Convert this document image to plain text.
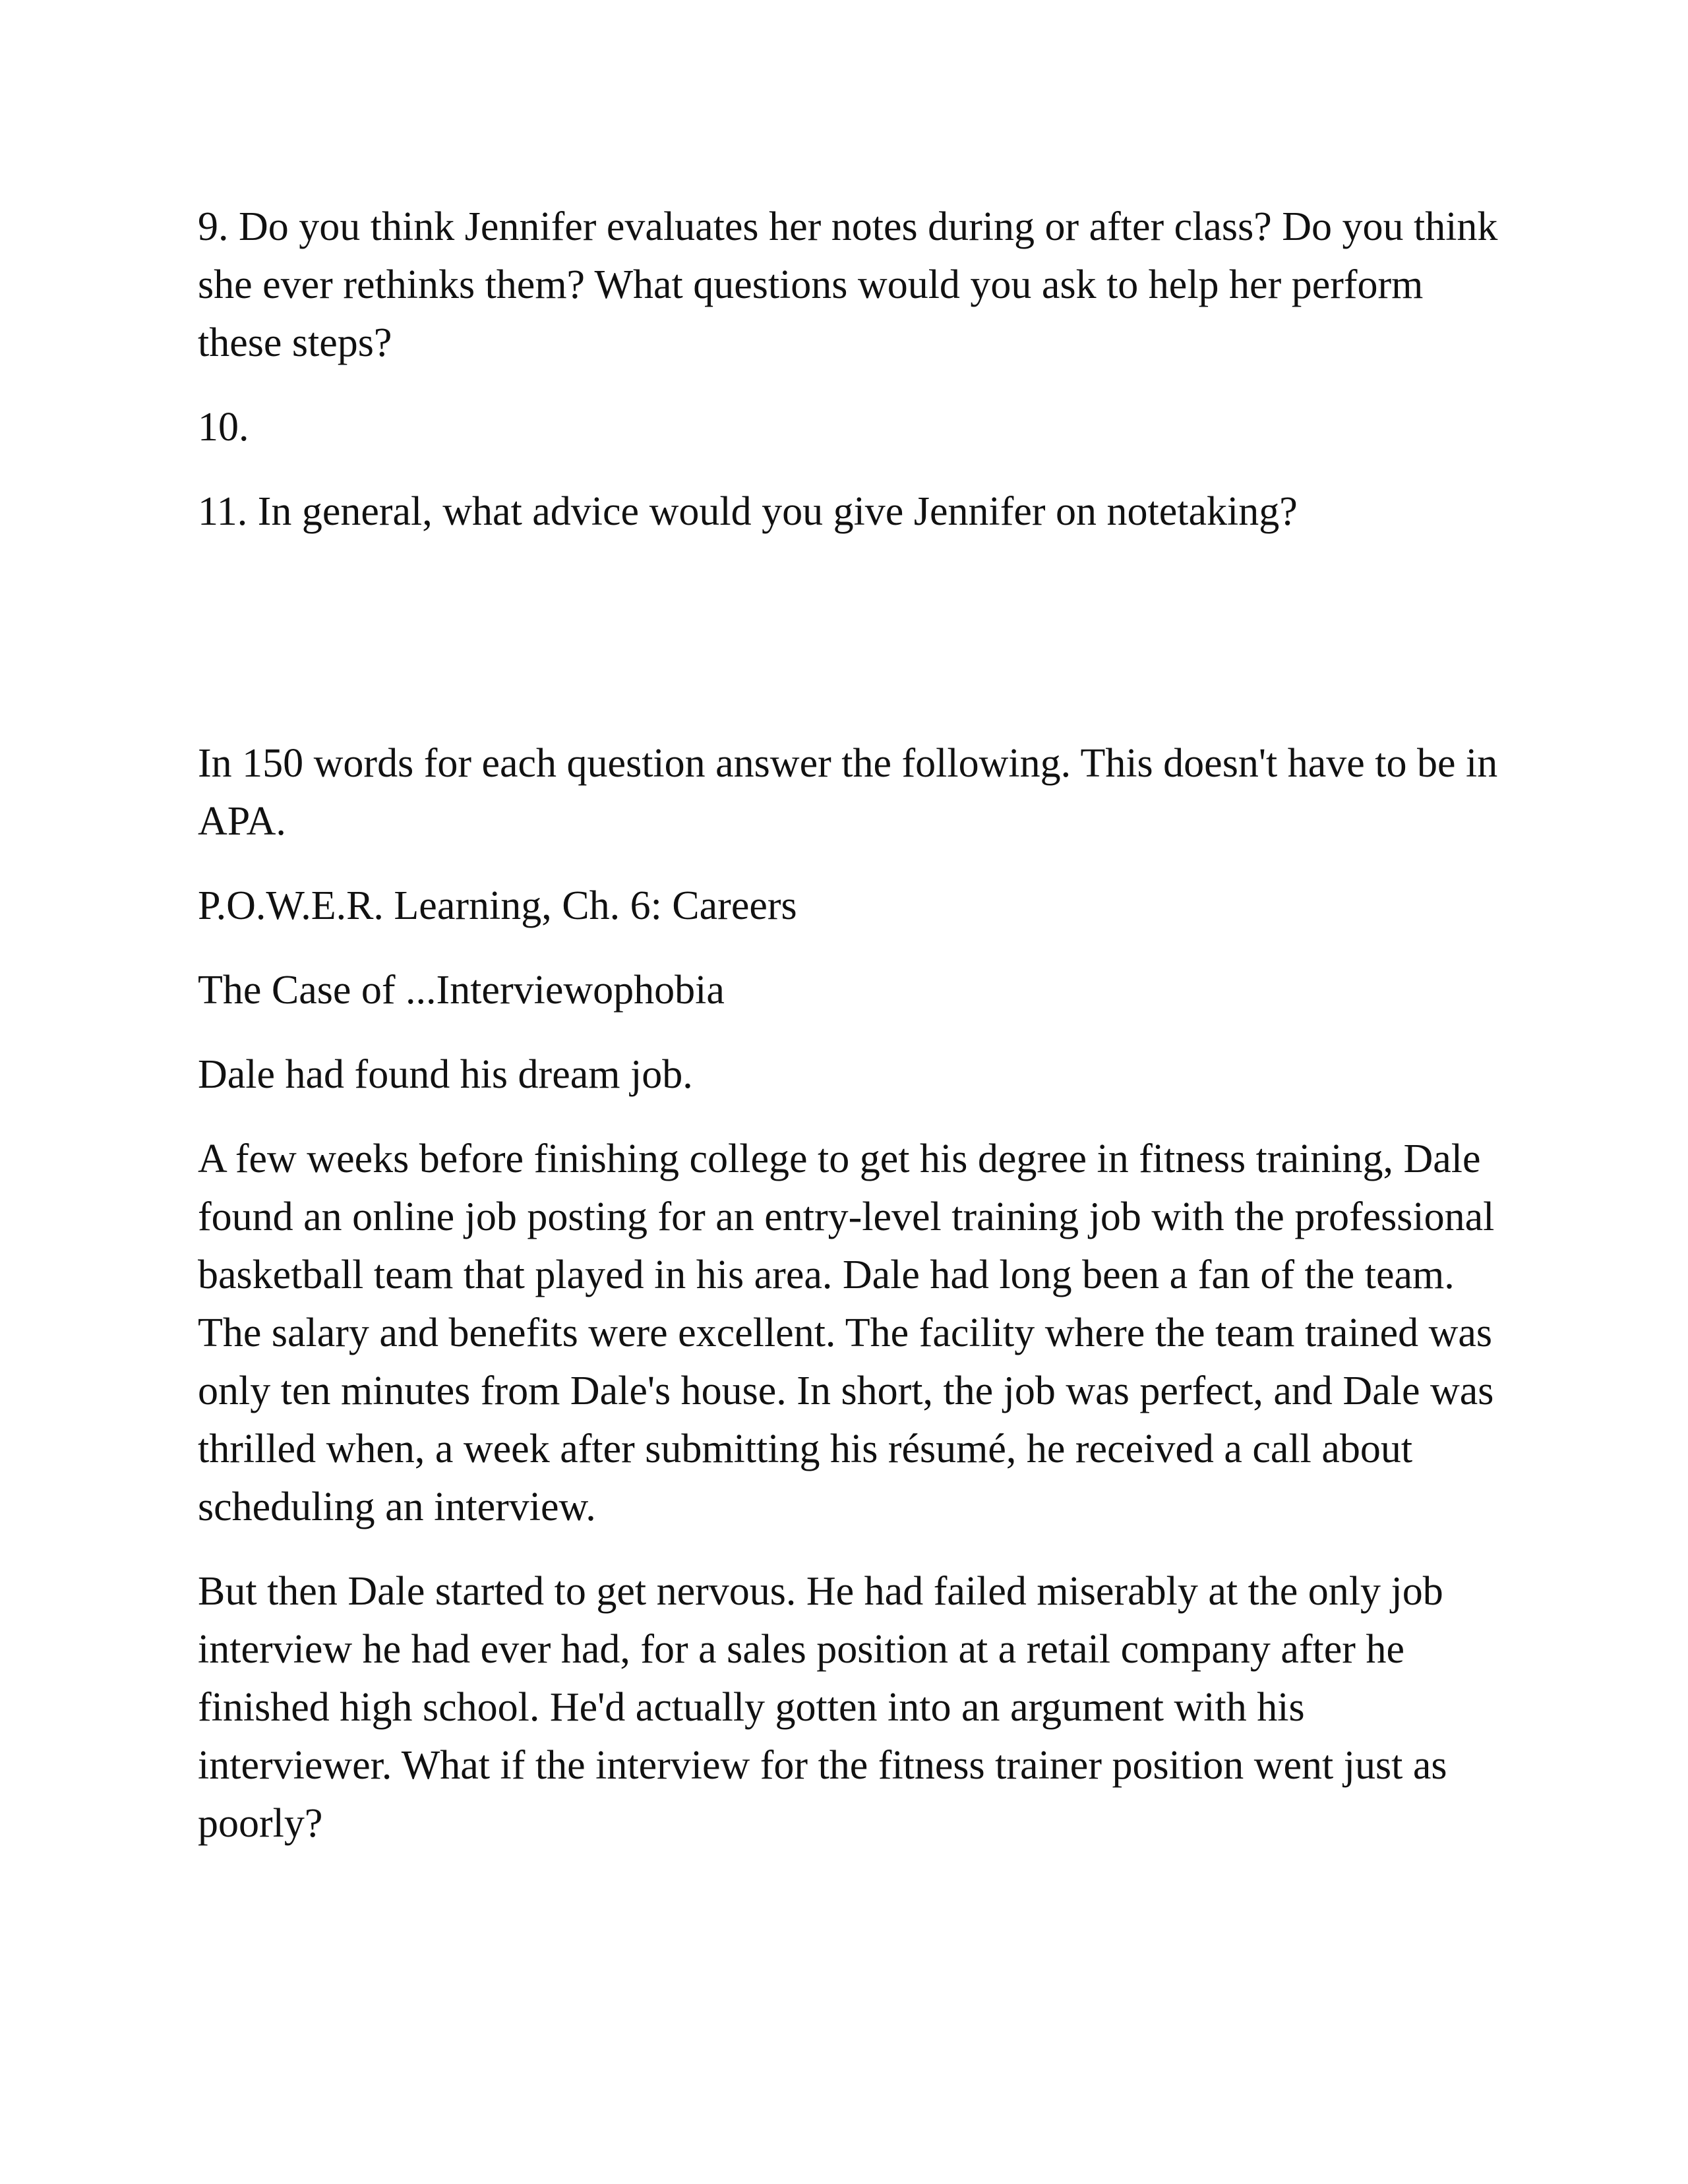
9. Do you think Jennifer evaluates her notes during or after class? Do you think she ever rethinks them? What questions would you ask to help her perform these steps?

10.

11. In general, what advice would you give Jennifer on notetaking?

In 150 words for each question answer the following. This doesn't have to be in APA.

P.O.W.E.R. Learning, Ch. 6: Careers

The Case of ...Interviewophobia

Dale had found his dream job.

A few weeks before finishing college to get his degree in fitness training, Dale found an online job posting for an entry-level training job with the professional basketball team that played in his area. Dale had long been a fan of the team. The salary and benefits were excellent. The facility where the team trained was only ten minutes from Dale's house. In short, the job was perfect, and Dale was thrilled when, a week after submitting his résumé, he received a call about scheduling an interview.

But then Dale started to get nervous. He had failed miserably at the only job interview he had ever had, for a sales position at a retail company after he finished high school. He'd actually gotten into an argument with his interviewer. What if the interview for the fitness trainer position went just as poorly?
